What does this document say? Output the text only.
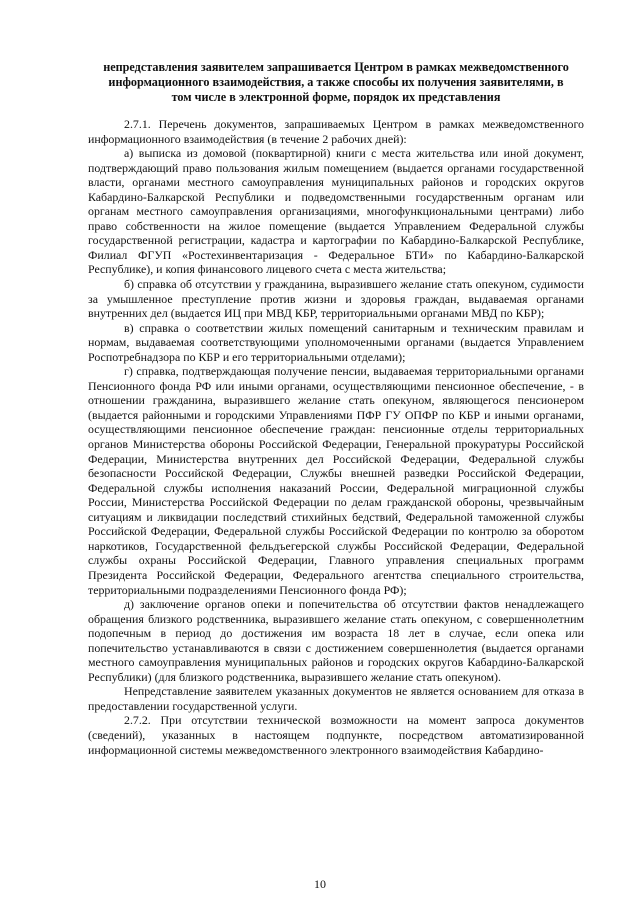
непредставления заявителем запрашивается Центром в рамках межведомственного
информационного взаимодействия, а также способы их получения заявителями, в
том числе в электронной форме, порядок их представления

2.7.1. Перечень документов, запрашиваемых Центром в рамках межведомственного информационного взаимодействия (в течение 2 рабочих дней):

а) выписка из домовой (поквартирной) книги с места жительства или иной документ, подтверждающий право пользования жилым помещением (выдается органами государственной власти, органами местного самоуправления муниципальных районов и городских округов Кабардино-Балкарской Республики и подведомственными государственным органам или органам местного самоуправления организациями, многофункциональными центрами) либо право собственности на жилое помещение (выдается Управлением Федеральной службы государственной регистрации, кадастра и картографии по Кабардино-Балкарской Республике, Филиал ФГУП «Ростехинвентаризация - Федеральное БТИ» по Кабардино-Балкарской Республике), и копия финансового лицевого счета с места жительства;

б) справка об отсутствии у гражданина, выразившего желание стать опекуном, судимости за умышленное преступление против жизни и здоровья граждан, выдаваемая органами внутренних дел (выдается ИЦ при МВД КБР, территориальными органами МВД по КБР);

в) справка о соответствии жилых помещений санитарным и техническим правилам и нормам, выдаваемая соответствующими уполномоченными органами (выдается Управлением Роспотребнадзора по КБР и его территориальными отделами);

г) справка, подтверждающая получение пенсии, выдаваемая территориальными органами Пенсионного фонда РФ или иными органами, осуществляющими пенсионное обеспечение, - в отношении гражданина, выразившего желание стать опекуном, являющегося пенсионером (выдается районными и городскими Управлениями ПФР ГУ ОПФР по КБР и иными органами, осуществляющими пенсионное обеспечение граждан: пенсионные отделы территориальных органов Министерства обороны Российской Федерации, Генеральной прокуратуры Российской Федерации, Министерства внутренних дел Российской Федерации, Федеральной службы безопасности Российской Федерации, Службы внешней разведки Российской Федерации, Федеральной службы исполнения наказаний России, Федеральной миграционной службы России, Министерства Российской Федерации по делам гражданской обороны, чрезвычайным ситуациям и ликвидации последствий стихийных бедствий, Федеральной таможенной службы Российской Федерации, Федеральной службы Российской Федерации по контролю за оборотом наркотиков, Государственной фельдъегерской службы Российской Федерации, Федеральной службы охраны Российской Федерации, Главного управления специальных программ Президента Российской Федерации, Федерального агентства специального строительства, территориальными подразделениями Пенсионного фонда РФ);

д) заключение органов опеки и попечительства об отсутствии фактов ненадлежащего обращения близкого родственника, выразившего желание стать опекуном, с совершеннолетним подопечным в период до достижения им возраста 18 лет в случае, если опека или попечительство устанавливаются в связи с достижением совершеннолетия (выдается органами местного самоуправления муниципальных районов и городских округов Кабардино-Балкарской Республики) (для близкого родственника, выразившего желание стать опекуном).

Непредставление заявителем указанных документов не является основанием для отказа в предоставлении государственной услуги.

2.7.2. При отсутствии технической возможности на момент запроса документов (сведений), указанных в настоящем подпункте, посредством автоматизированной информационной системы межведомственного электронного взаимодействия Кабардино-

10
